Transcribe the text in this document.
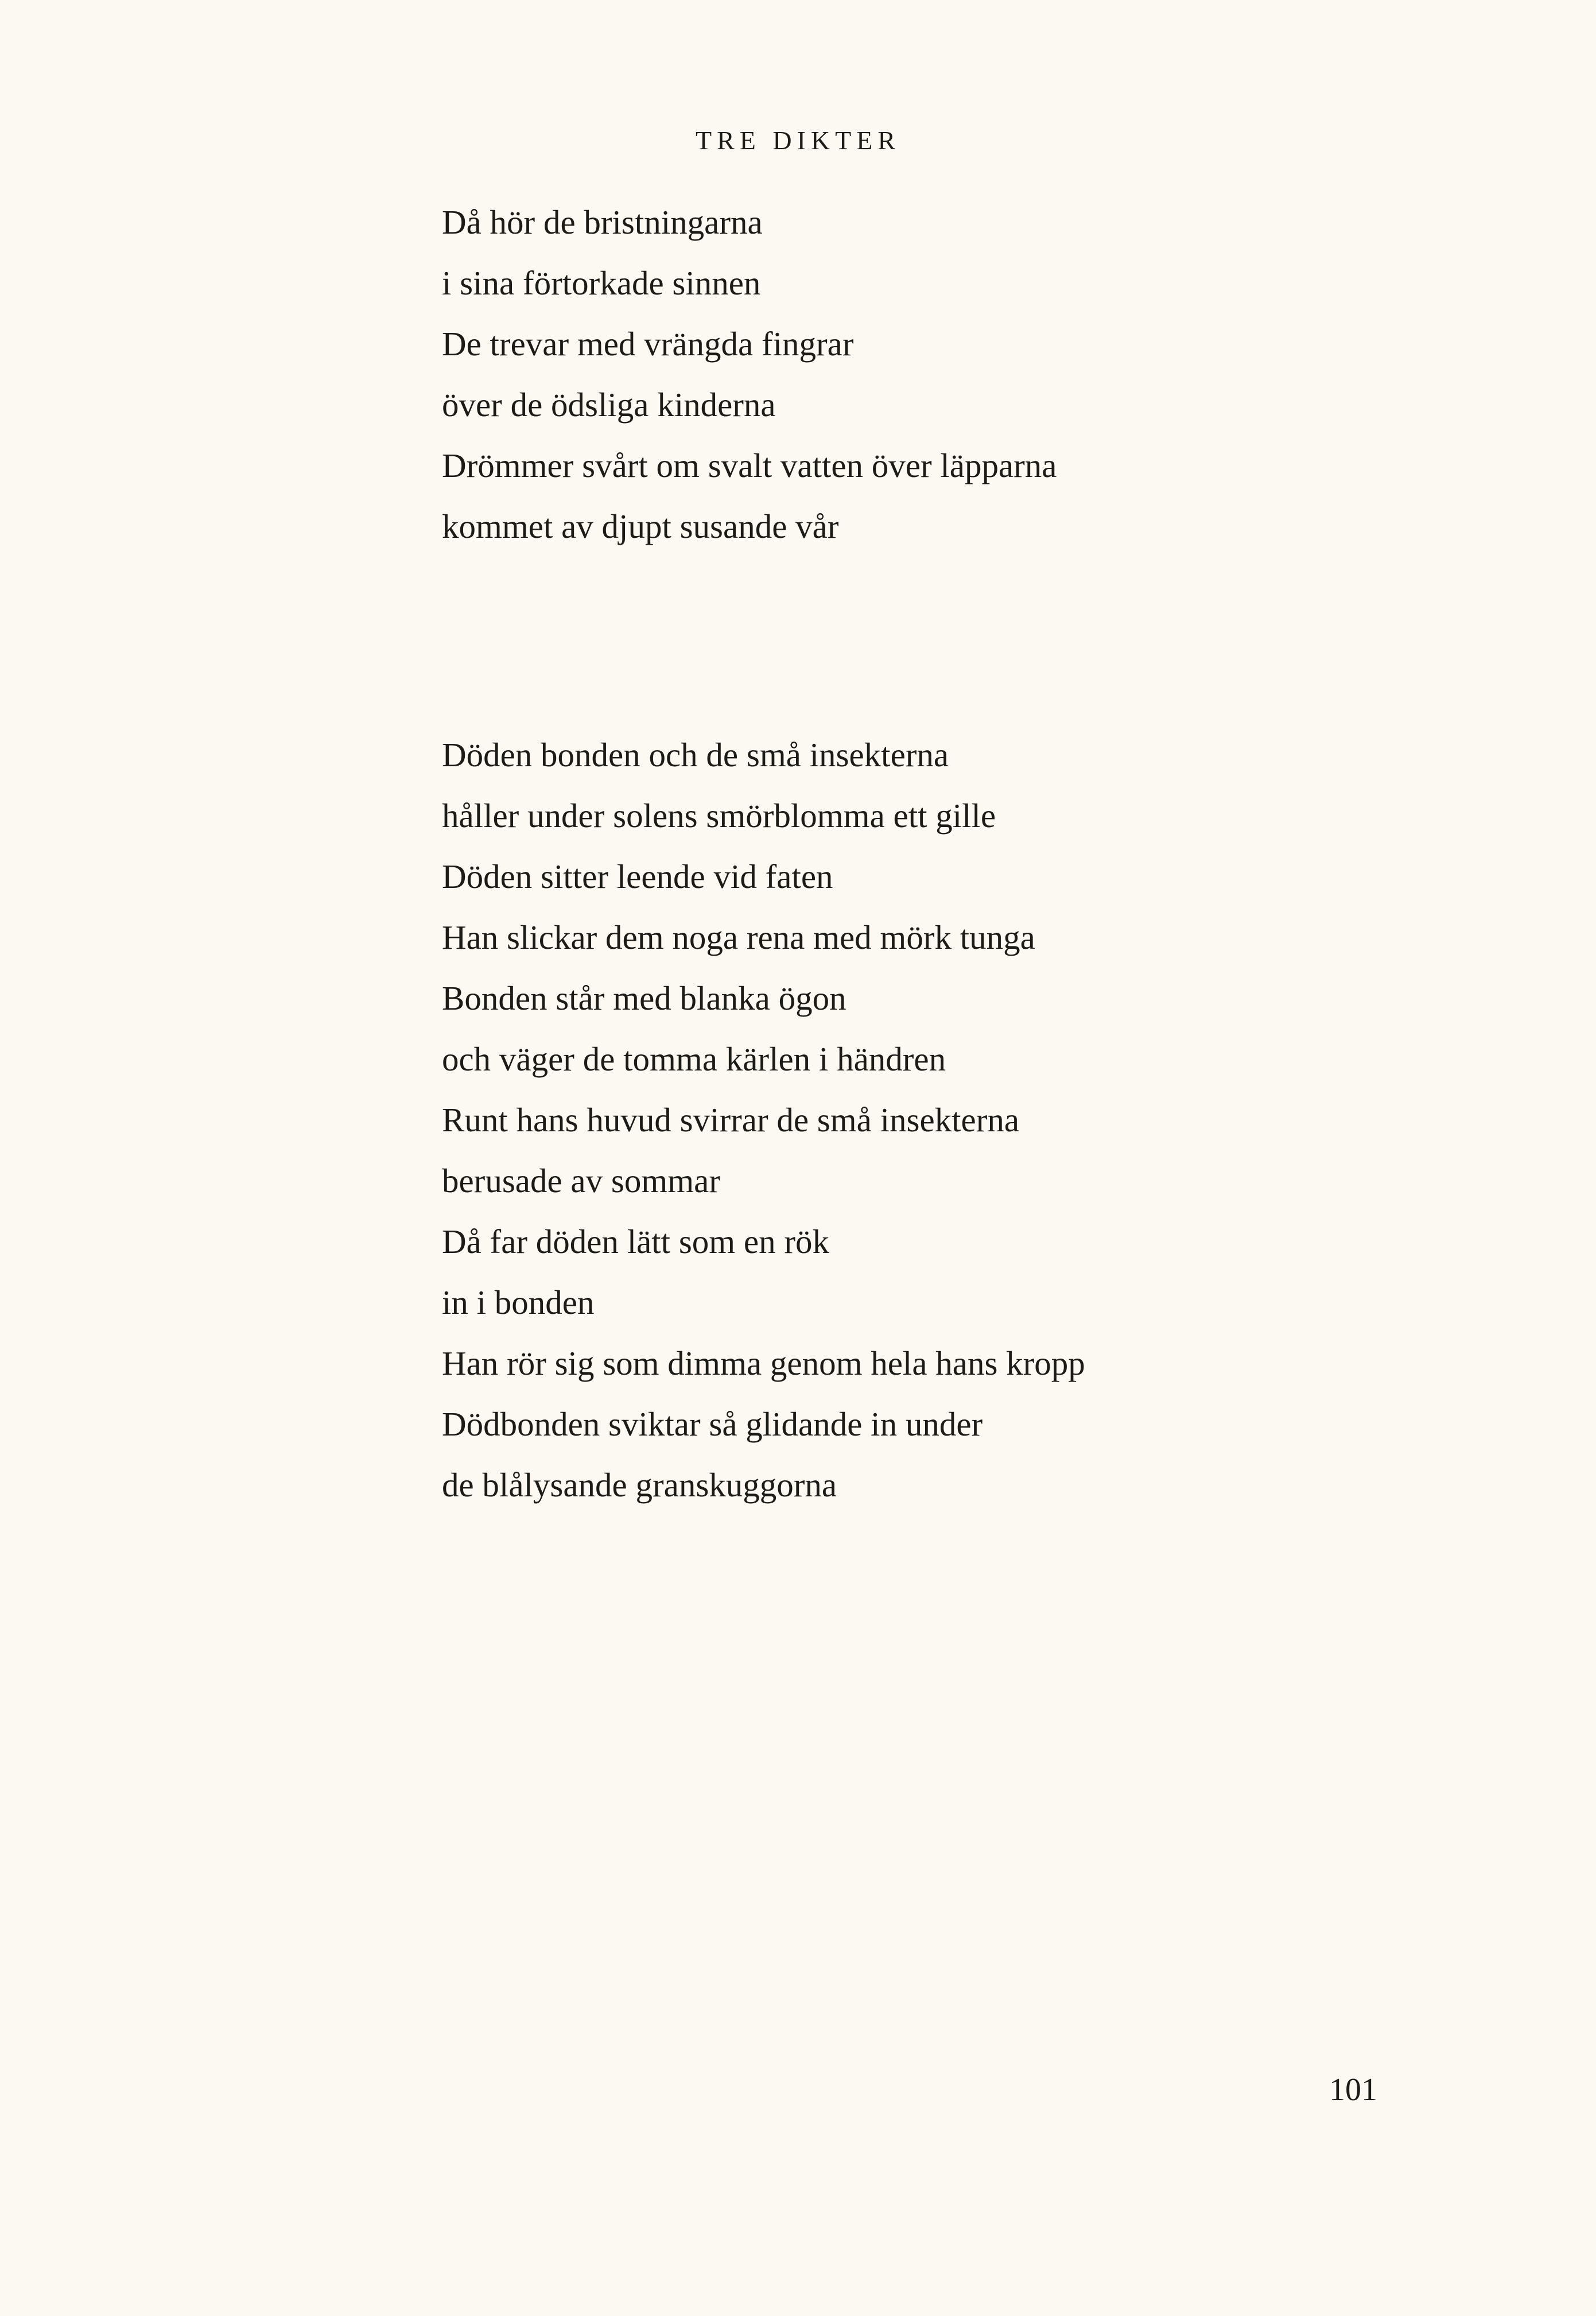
TRE DIKTER
Då hör de bristningarna
i sina förtorkade sinnen
De trevar med vrängda fingrar
över de ödsliga kinderna
Drömmer svårt om svalt vatten över läpparna
kommet av djupt susande vår
Döden bonden och de små insekterna
håller under solens smörblomma ett gille
Döden sitter leende vid faten
Han slickar dem noga rena med mörk tunga
Bonden står med blanka ögon
och väger de tomma kärlen i händren
Runt hans huvud svirrar de små insekterna
berusade av sommar
Då far döden lätt som en rök
in i bonden
Han rör sig som dimma genom hela hans kropp
Dödbonden sviktar så glidande in under
de blålysande granskuggorna
101
